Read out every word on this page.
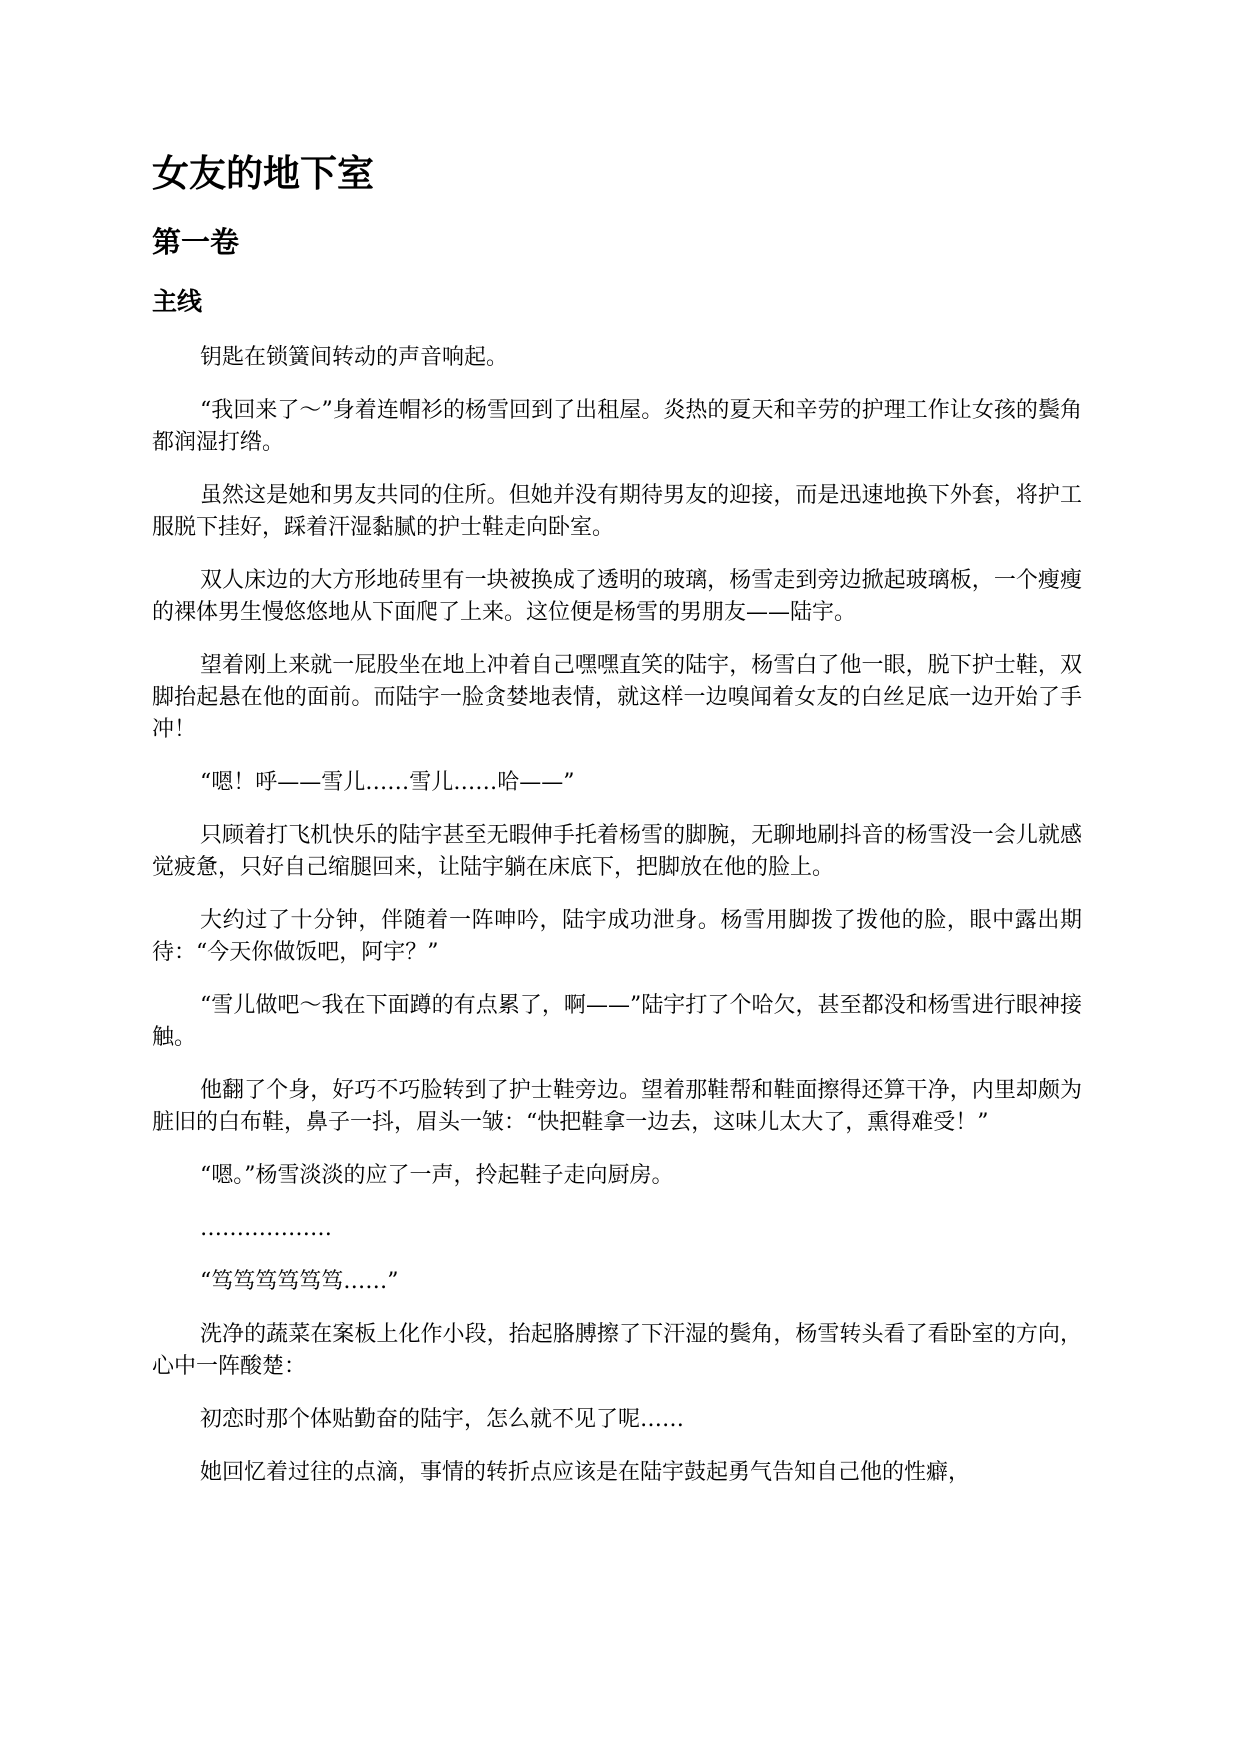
女友的地下室
第一卷
主线

钥匙在锁簧间转动的声音响起。

“我回来了～”身着连帽衫的杨雪回到了出租屋。炎热的夏天和辛劳的护理工作让女孩的鬓角都润湿打绺。

虽然这是她和男友共同的住所。但她并没有期待男友的迎接，而是迅速地换下外套，将护工服脱下挂好，踩着汗湿黏腻的护士鞋走向卧室。

双人床边的大方形地砖里有一块被换成了透明的玻璃，杨雪走到旁边掀起玻璃板，一个瘦瘦的裸体男生慢悠悠地从下面爬了上来。这位便是杨雪的男朋友——陆宇。

望着刚上来就一屁股坐在地上冲着自己嘿嘿直笑的陆宇，杨雪白了他一眼，脱下护士鞋，双脚抬起悬在他的面前。而陆宇一脸贪婪地表情，就这样一边嗅闻着女友的白丝足底一边开始了手冲！

“嗯！呼——雪儿……雪儿……哈——”

只顾着打飞机快乐的陆宇甚至无暇伸手托着杨雪的脚腕，无聊地刷抖音的杨雪没一会儿就感觉疲惫，只好自己缩腿回来，让陆宇躺在床底下，把脚放在他的脸上。

大约过了十分钟，伴随着一阵呻吟，陆宇成功泄身。杨雪用脚拨了拨他的脸，眼中露出期待：“今天你做饭吧，阿宇？”

“雪儿做吧～我在下面蹲的有点累了，啊——”陆宇打了个哈欠，甚至都没和杨雪进行眼神接触。

他翻了个身，好巧不巧脸转到了护士鞋旁边。望着那鞋帮和鞋面擦得还算干净，内里却颇为脏旧的白布鞋，鼻子一抖，眉头一皱：“快把鞋拿一边去，这味儿太大了，熏得难受！”

“嗯。”杨雪淡淡的应了一声，拎起鞋子走向厨房。

………………

“笃笃笃笃笃笃……”

洗净的蔬菜在案板上化作小段，抬起胳膊擦了下汗湿的鬓角，杨雪转头看了看卧室的方向，心中一阵酸楚：

初恋时那个体贴勤奋的陆宇，怎么就不见了呢……

她回忆着过往的点滴，事情的转折点应该是在陆宇鼓起勇气告知自己他的性癖，
